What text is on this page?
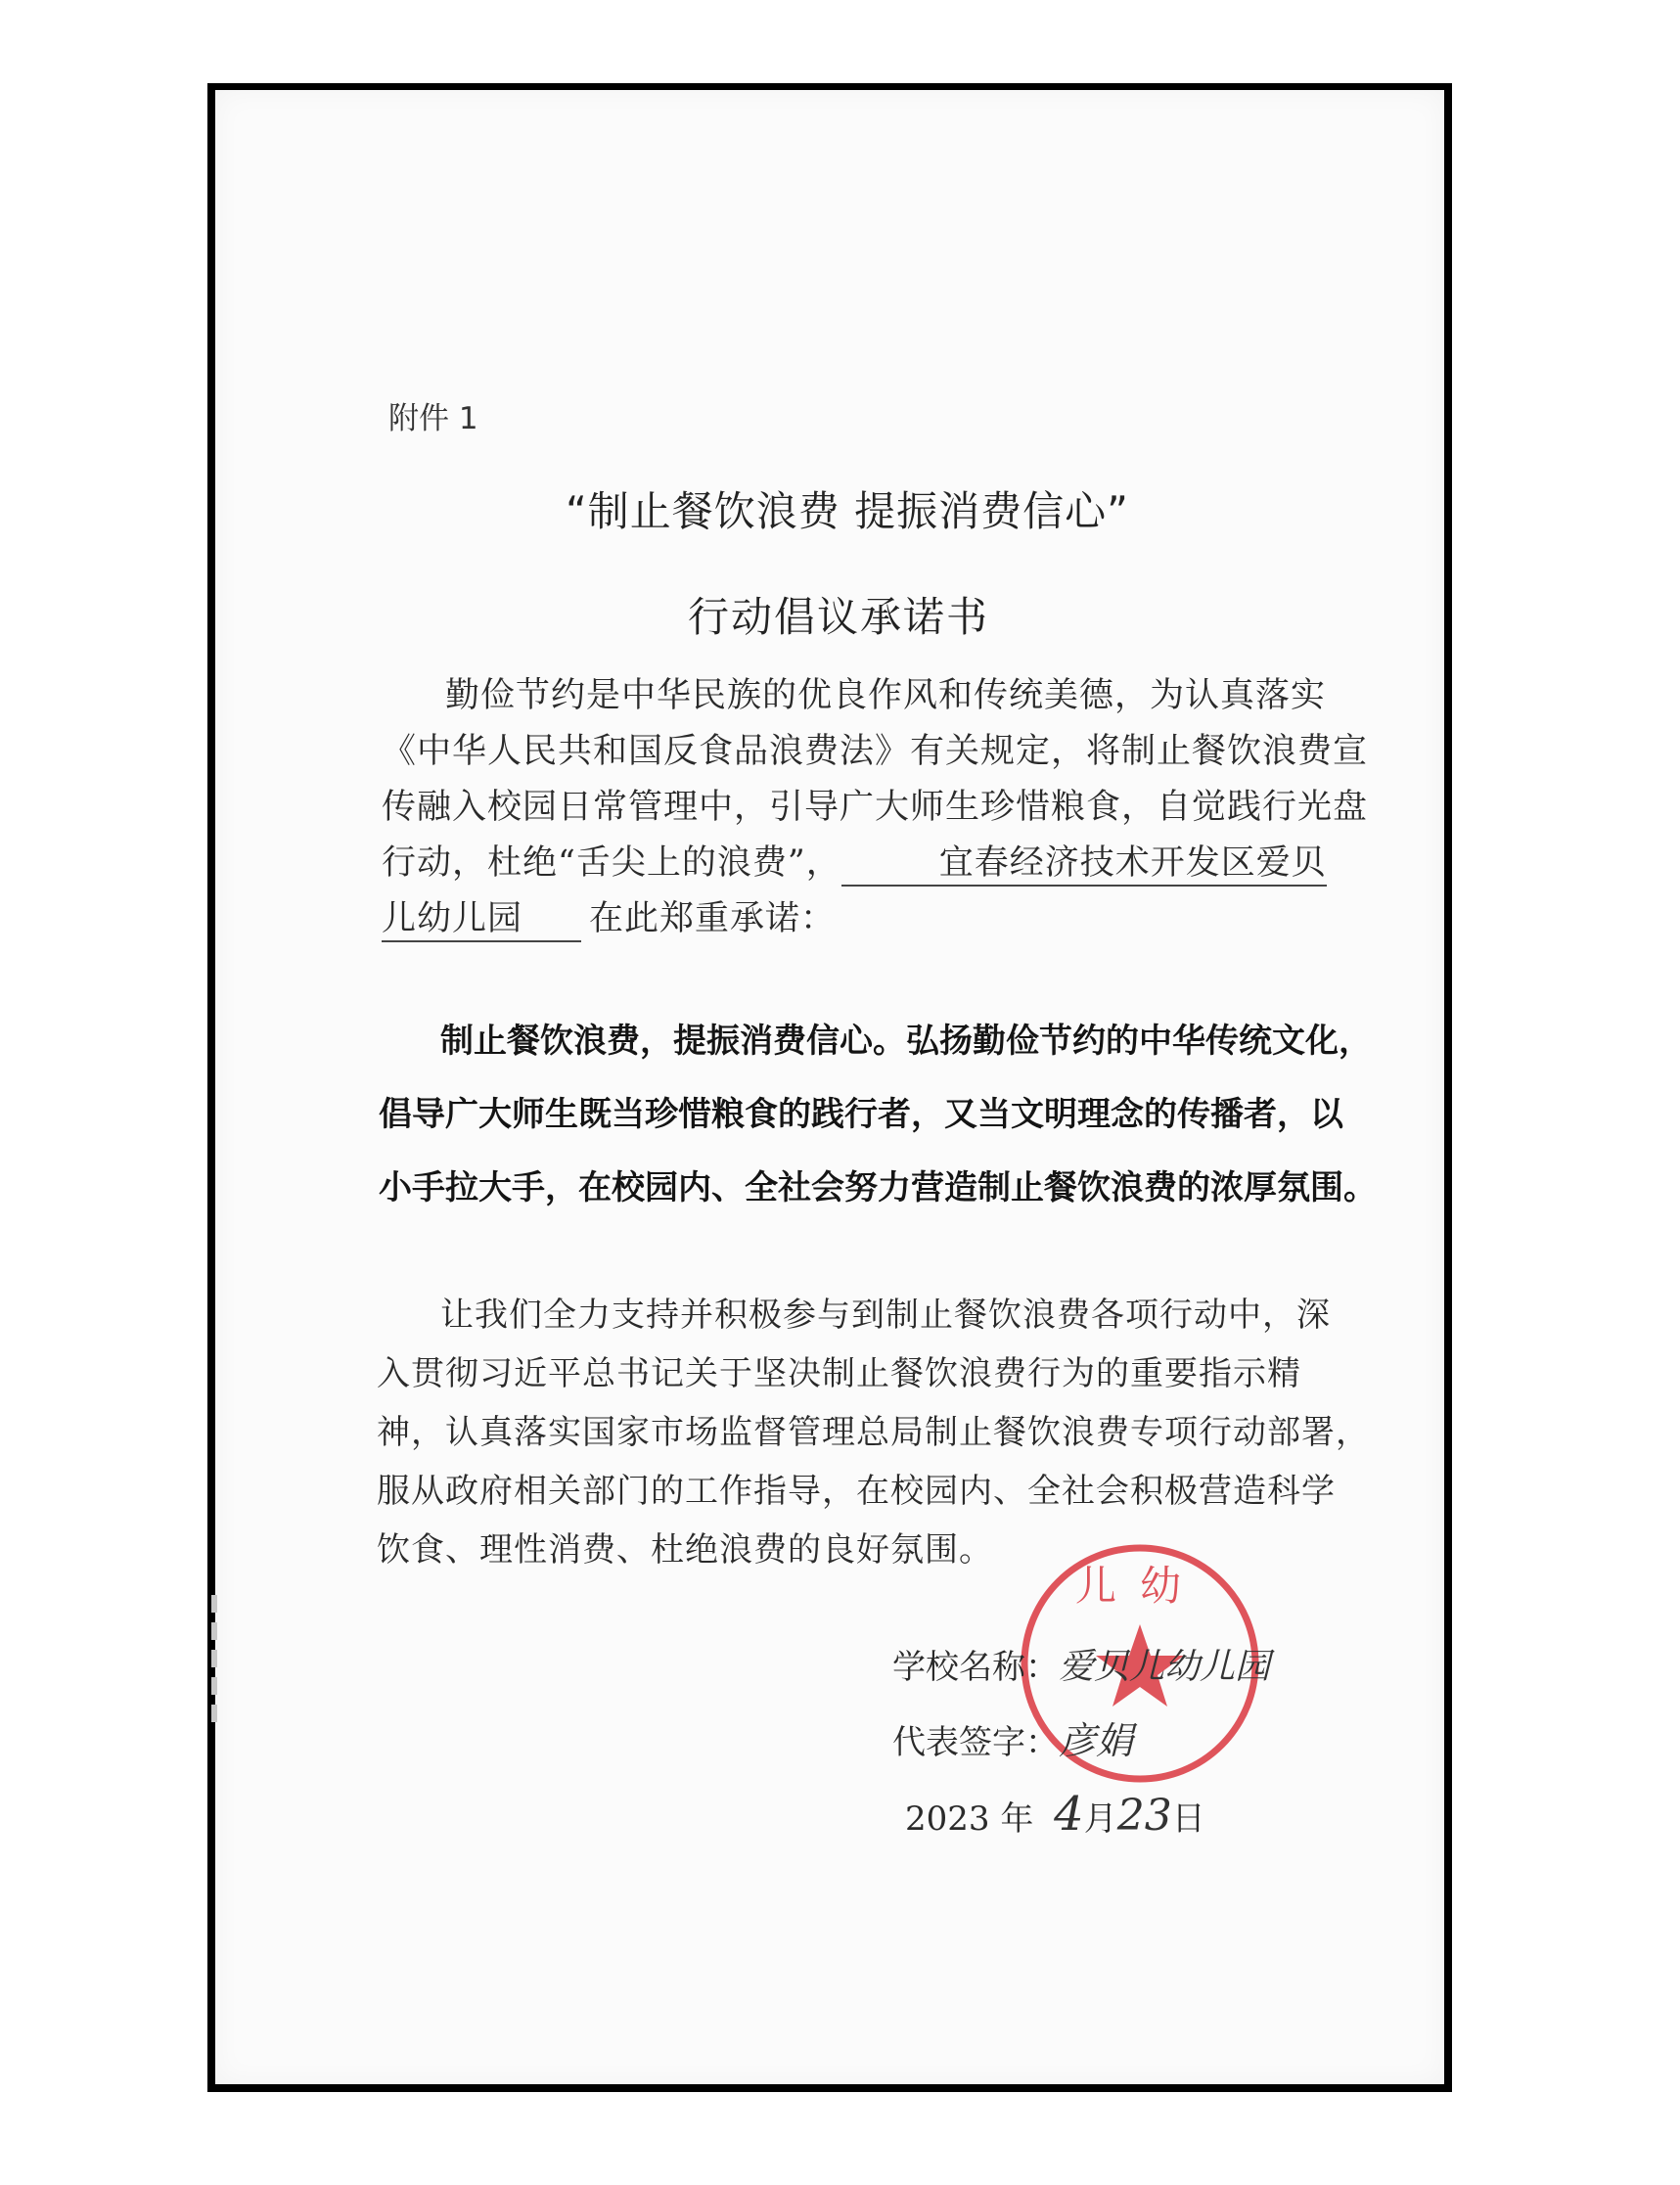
附件 1
“制止餐饮浪费 提振消费信心”
行动倡议承诺书
勤俭节约是中华民族的优良作风和传统美德，为认真落实
《中华人民共和国反食品浪费法》有关规定，将制止餐饮浪费宣
传融入校园日常管理中，引导广大师生珍惜粮食，自觉践行光盘
行动，杜绝“舌尖上的浪费”，	宜春经济技术开发区爱贝
儿幼儿园 在此郑重承诺：
制止餐饮浪费，提振消费信心。弘扬勤俭节约的中华传统文化，
倡导广大师生既当珍惜粮食的践行者，又当文明理念的传播者，以
小手拉大手，在校园内、全社会努力营造制止餐饮浪费的浓厚氛围。
让我们全力支持并积极参与到制止餐饮浪费各项行动中，深
入贯彻习近平总书记关于坚决制止餐饮浪费行为的重要指示精
神，认真落实国家市场监督管理总局制止餐饮浪费专项行动部署，
服从政府相关部门的工作指导，在校园内、全社会积极营造科学
饮食、理性消费、杜绝浪费的良好氛围。
儿幼
学校名称：爱贝儿幼儿园
代表签字：彦娟
2023 年 4月23日
